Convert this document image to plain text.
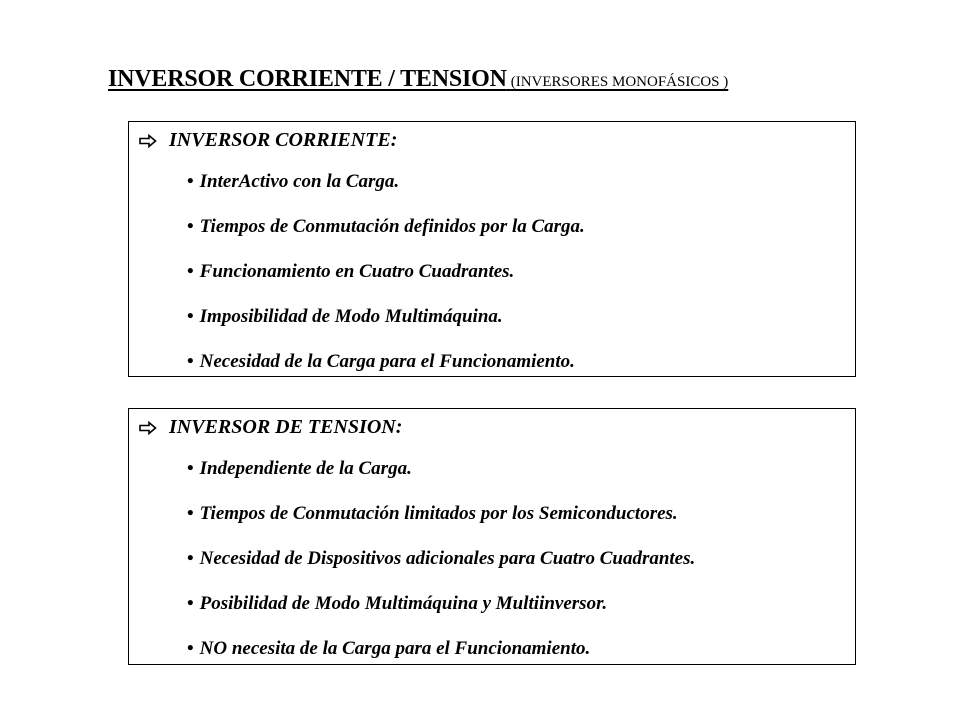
INVERSOR CORRIENTE / TENSION (INVERSORES MONOFÁSICOS )
INVERSOR CORRIENTE:
• InterActivo con la Carga.
• Tiempos de Conmutación definidos por la Carga.
• Funcionamiento en Cuatro Cuadrantes.
• Imposibilidad de Modo Multimáquina.
• Necesidad de la Carga para el Funcionamiento.
INVERSOR DE TENSION:
• Independiente de la Carga.
• Tiempos de Conmutación limitados por los Semiconductores.
• Necesidad de Dispositivos adicionales para Cuatro Cuadrantes.
• Posibilidad de Modo Multimáquina y Multiinversor.
• NO necesita de la Carga para el Funcionamiento.
